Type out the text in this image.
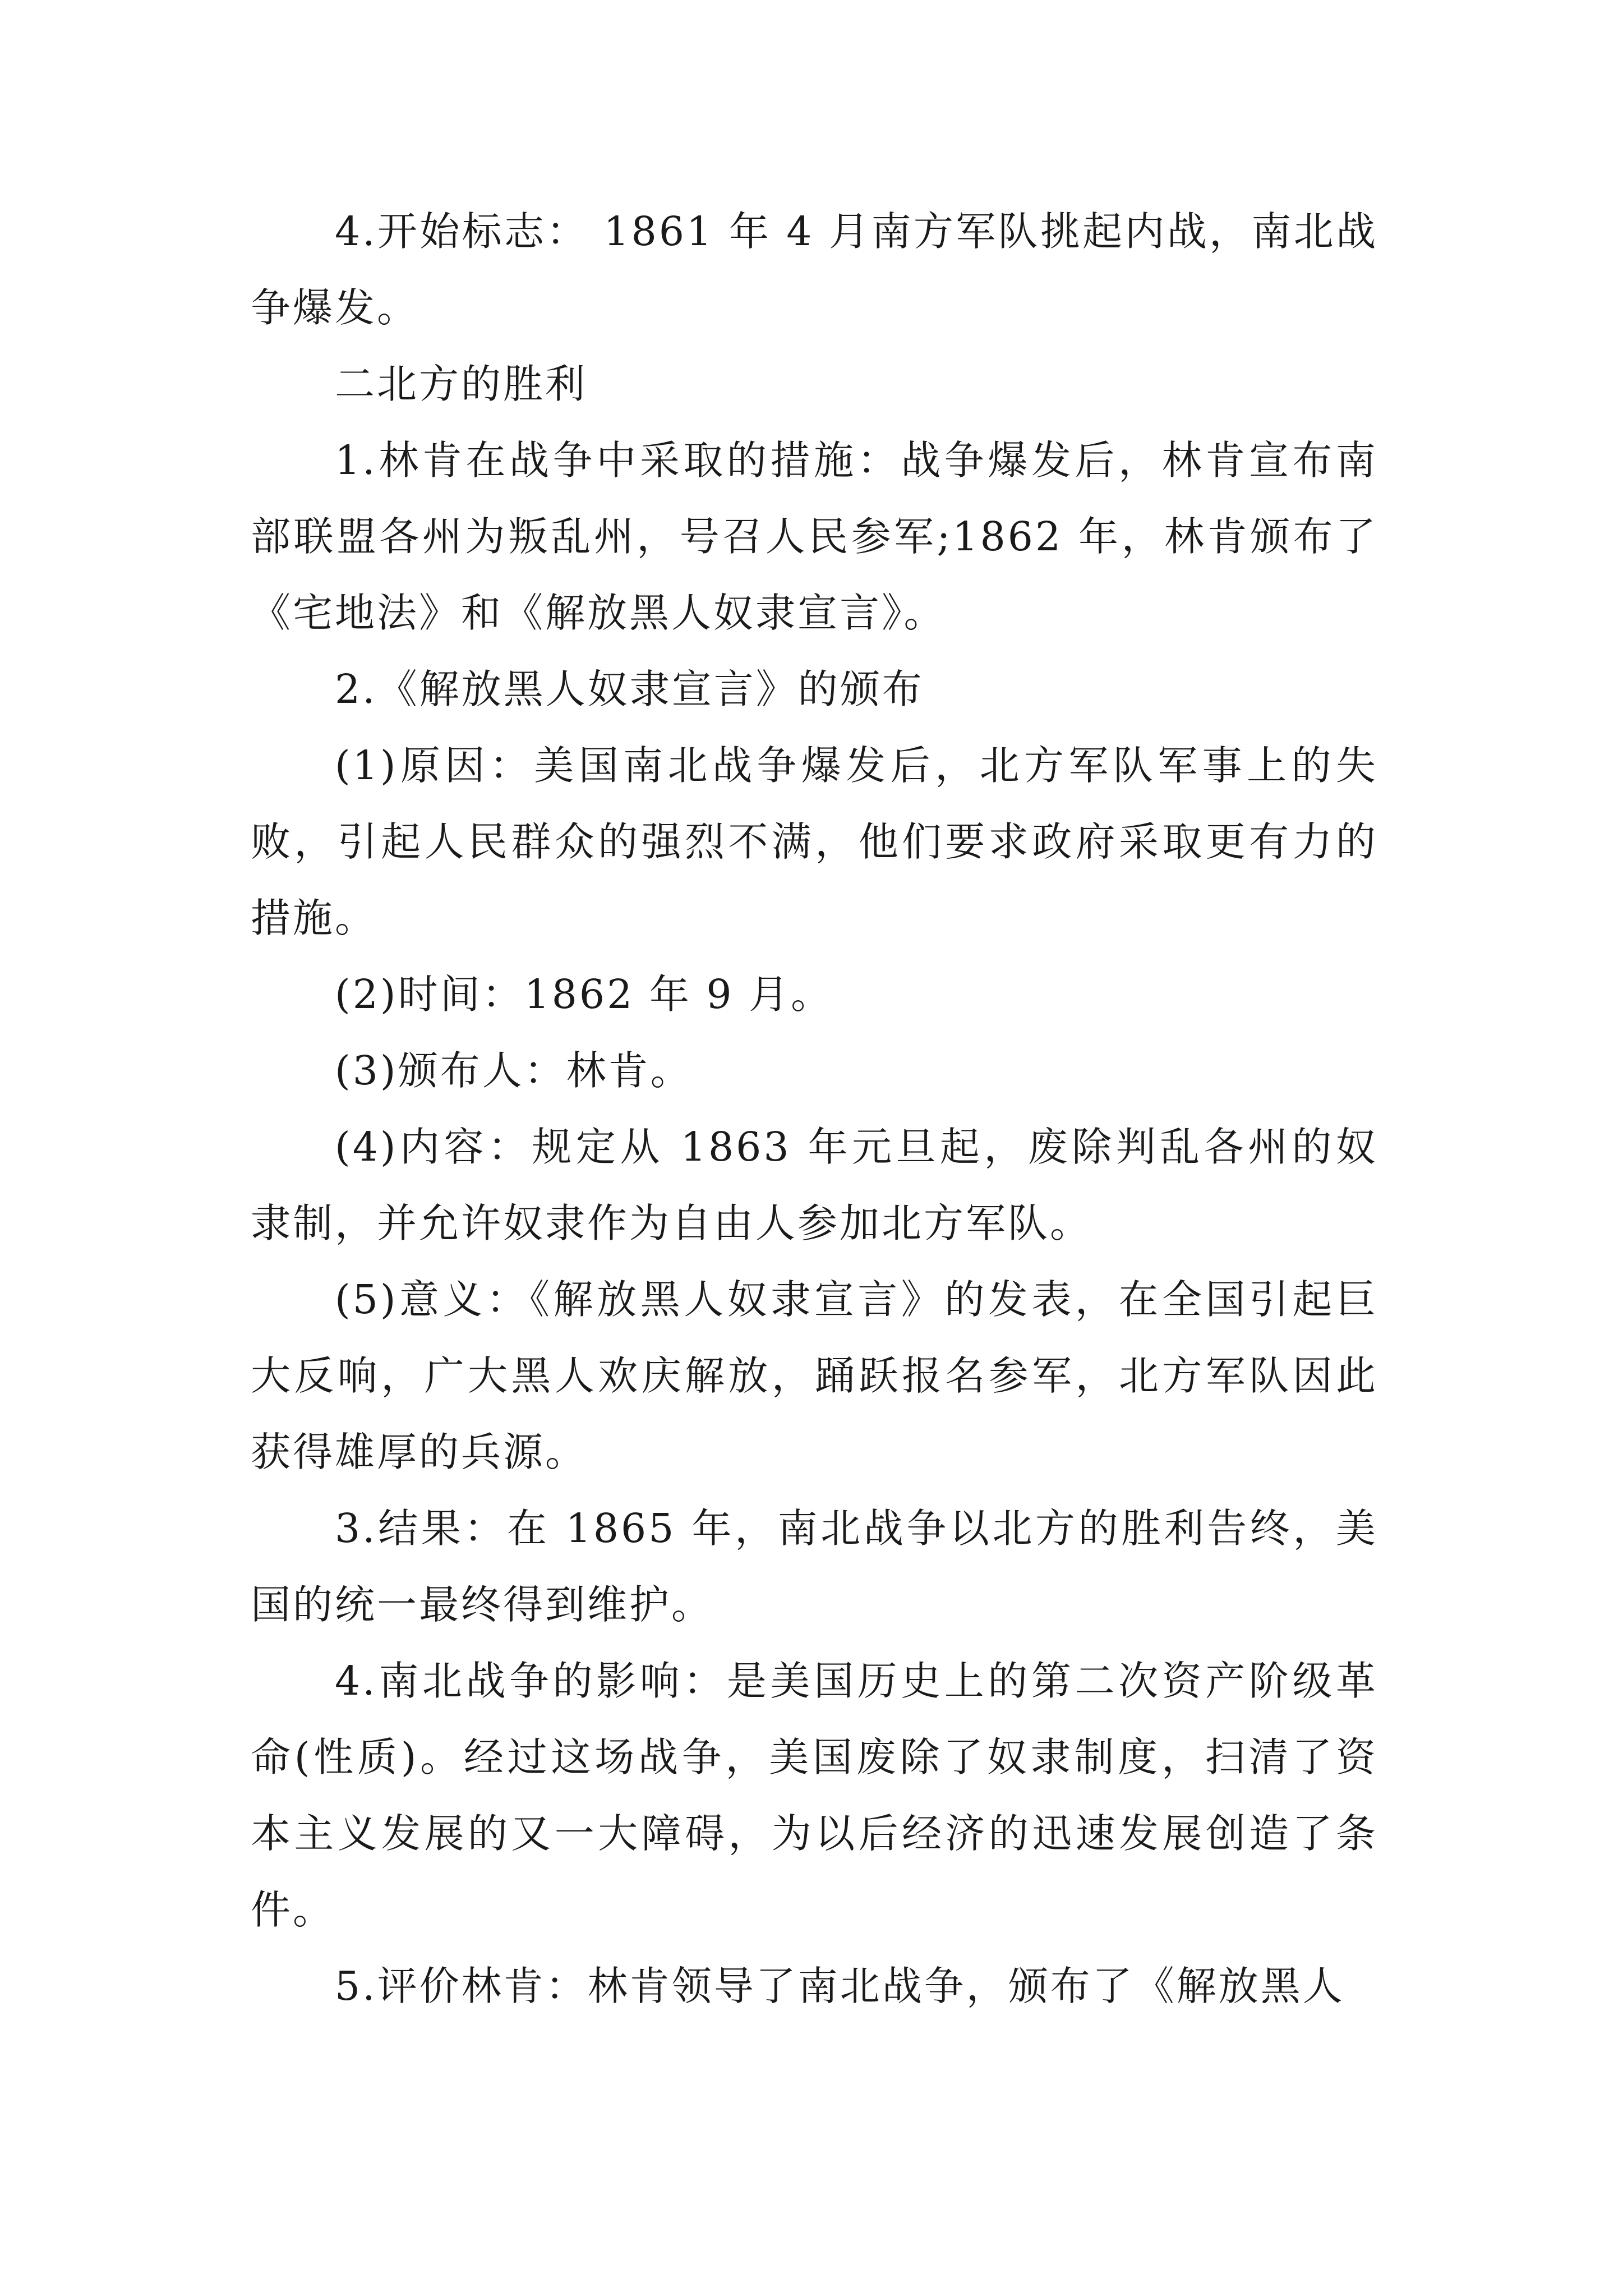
4.开始标志： 1861 年 4 月南方军队挑起内战，南北战争爆发。

二北方的胜利

1.林肯在战争中采取的措施：战争爆发后，林肯宣布南部联盟各州为叛乱州，号召人民参军;1862 年，林肯颁布了《宅地法》和《解放黑人奴隶宣言》。

2.《解放黑人奴隶宣言》的颁布

(1)原因：美国南北战争爆发后，北方军队军事上的失败，引起人民群众的强烈不满，他们要求政府采取更有力的措施。

(2)时间：1862 年 9 月。

(3)颁布人：林肯。

(4)内容：规定从 1863 年元旦起，废除判乱各州的奴隶制，并允许奴隶作为自由人参加北方军队。

(5)意义：《解放黑人奴隶宣言》的发表，在全国引起巨大反响，广大黑人欢庆解放，踊跃报名参军，北方军队因此获得雄厚的兵源。

3.结果：在 1865 年，南北战争以北方的胜利告终，美国的统一最终得到维护。

4.南北战争的影响：是美国历史上的第二次资产阶级革命(性质)。经过这场战争，美国废除了奴隶制度，扫清了资本主义发展的又一大障碍，为以后经济的迅速发展创造了条件。

5.评价林肯：林肯领导了南北战争，颁布了《解放黑人
